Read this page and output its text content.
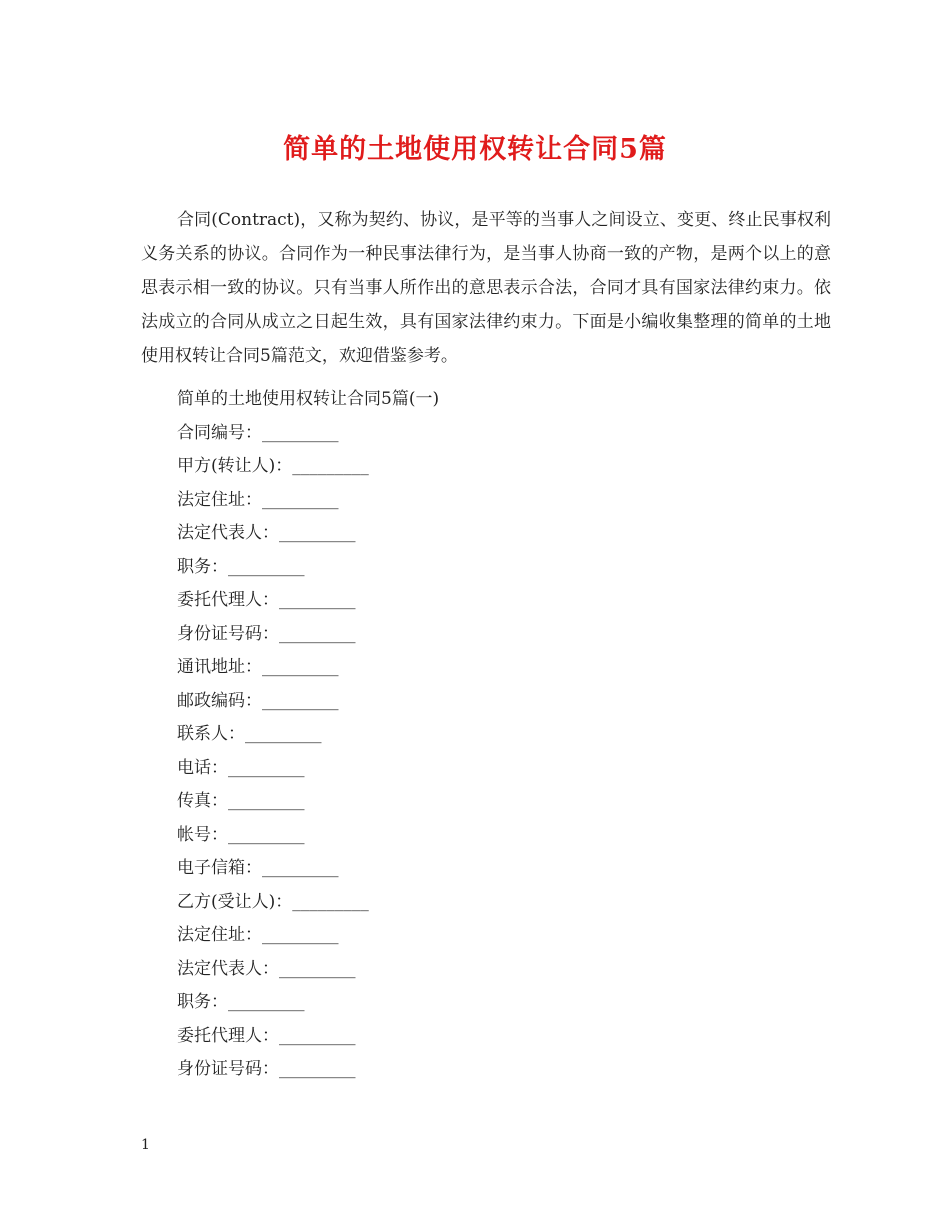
简单的土地使用权转让合同5篇

合同(Contract)，又称为契约、协议，是平等的当事人之间设立、变更、终止民事权利义务关系的协议。合同作为一种民事法律行为，是当事人协商一致的产物，是两个以上的意思表示相一致的协议。只有当事人所作出的意思表示合法，合同才具有国家法律约束力。依法成立的合同从成立之日起生效，具有国家法律约束力。下面是小编收集整理的简单的土地使用权转让合同5篇范文，欢迎借鉴参考。

简单的土地使用权转让合同5篇(一)
合同编号：_________
甲方(转让人)：_________
法定住址：_________
法定代表人：_________
职务：_________
委托代理人：_________
身份证号码：_________
通讯地址：_________
邮政编码：_________
联系人：_________
电话：_________
传真：_________
帐号：_________
电子信箱：_________
乙方(受让人)：_________
法定住址：_________
法定代表人：_________
职务：_________
委托代理人：_________
身份证号码：_________
1
